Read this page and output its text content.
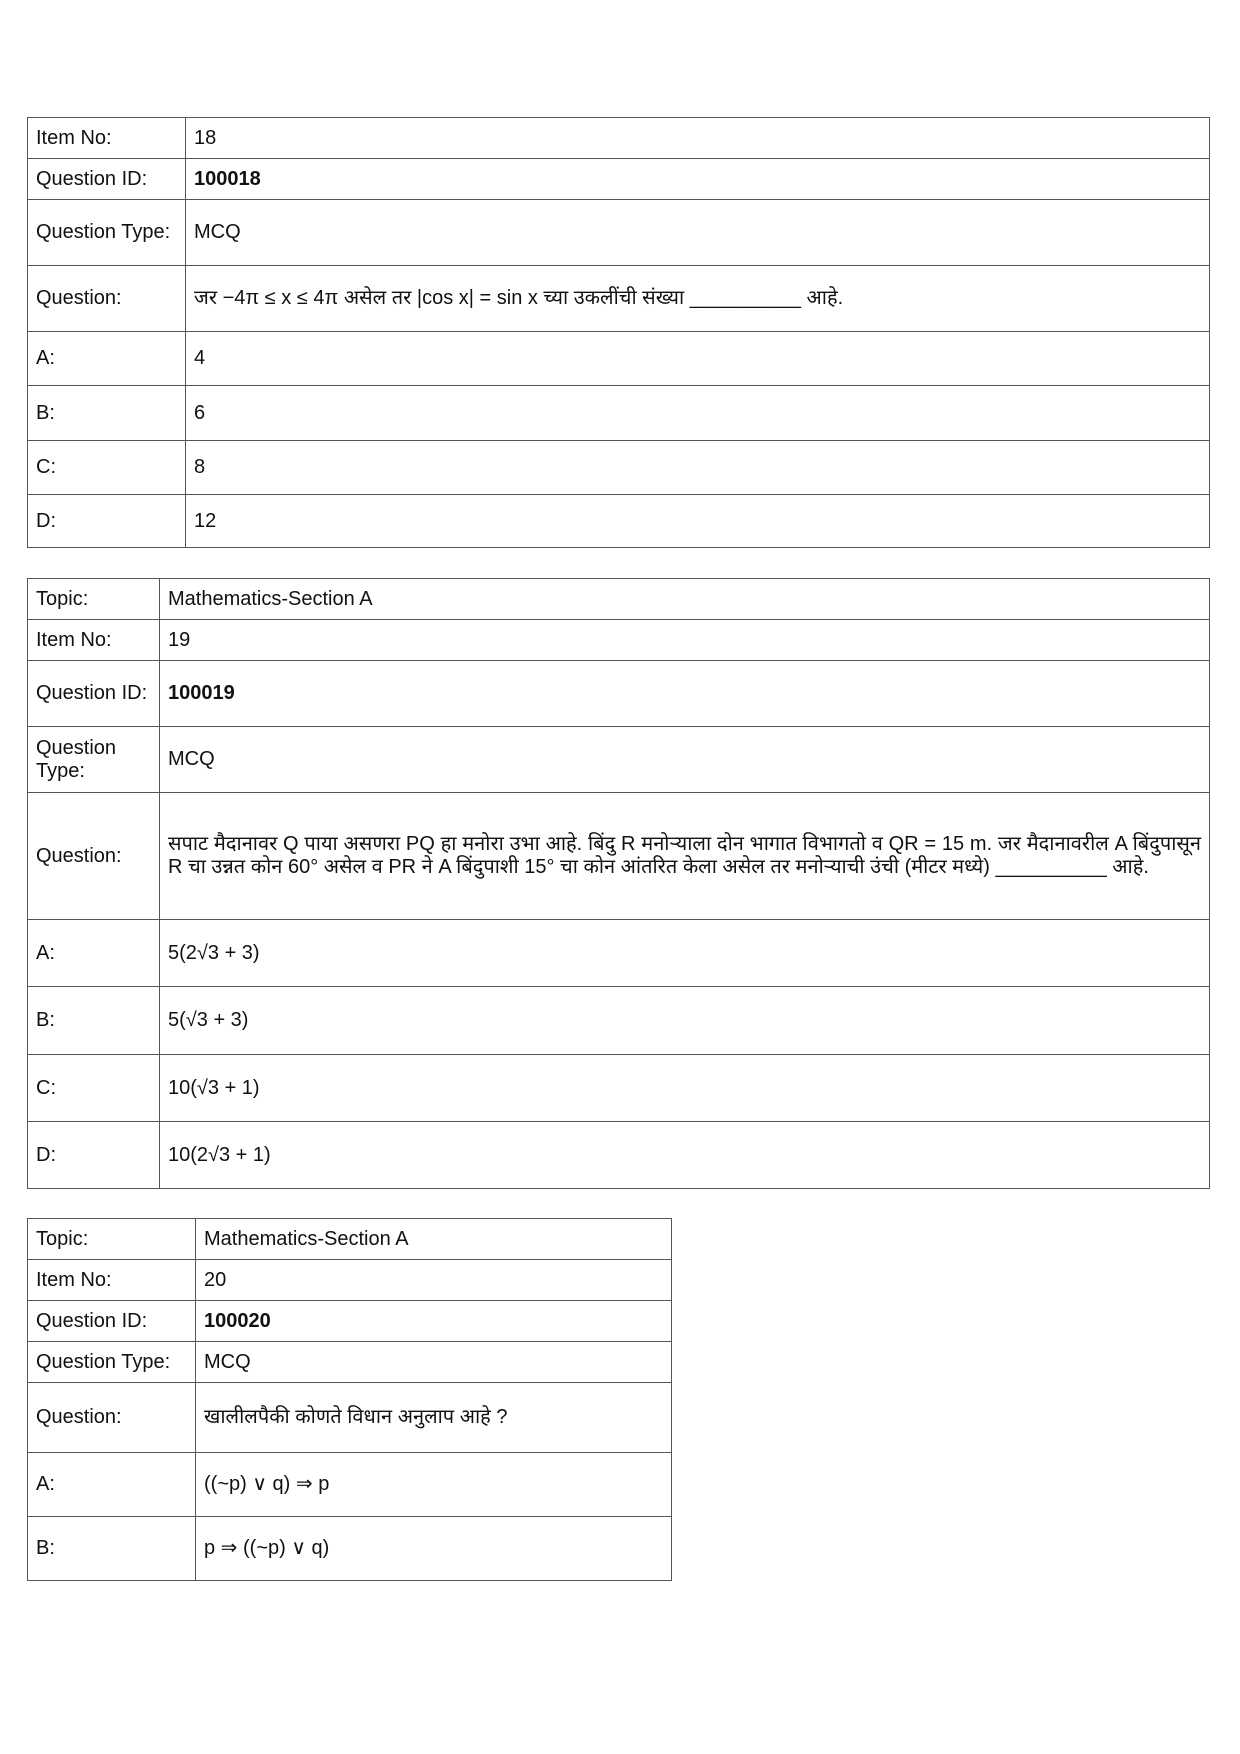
Item No:	18
Question ID:	100018
Question Type:	MCQ
Question:	जर −4π ≤ x ≤ 4π असेल तर |cos x| = sin x च्या उकलींची संख्या __________ आहे.
A:	4
B:	6
C:	8
D:	12
Topic:	Mathematics-Section A
Item No:	19
Question ID:	100019
Question Type:	MCQ
Question:	सपाट मैदानावर Q पाया असणरा PQ हा मनोरा उभा आहे. बिंदु R मनोऱ्याला दोन भागात विभागतो व QR = 15 m. जर मैदानावरील A बिंदुपासून R चा उन्नत कोन 60° असेल व PR ने A बिंदुपाशी 15° चा कोन आंतरित केला असेल तर मनोऱ्याची उंची (मीटर मध्ये) __________ आहे.
A:	5(2√3 + 3)
B:	5(√3 + 3)
C:	10(√3 + 1)
D:	10(2√3 + 1)
Topic:	Mathematics-Section A
Item No:	20
Question ID:	100020
Question Type:	MCQ
Question:	खालीलपैकी कोणते विधान अनुलाप आहे ?
A:	((~p) ∨ q) ⇒ p
B:	p ⇒ ((~p) ∨ q)
